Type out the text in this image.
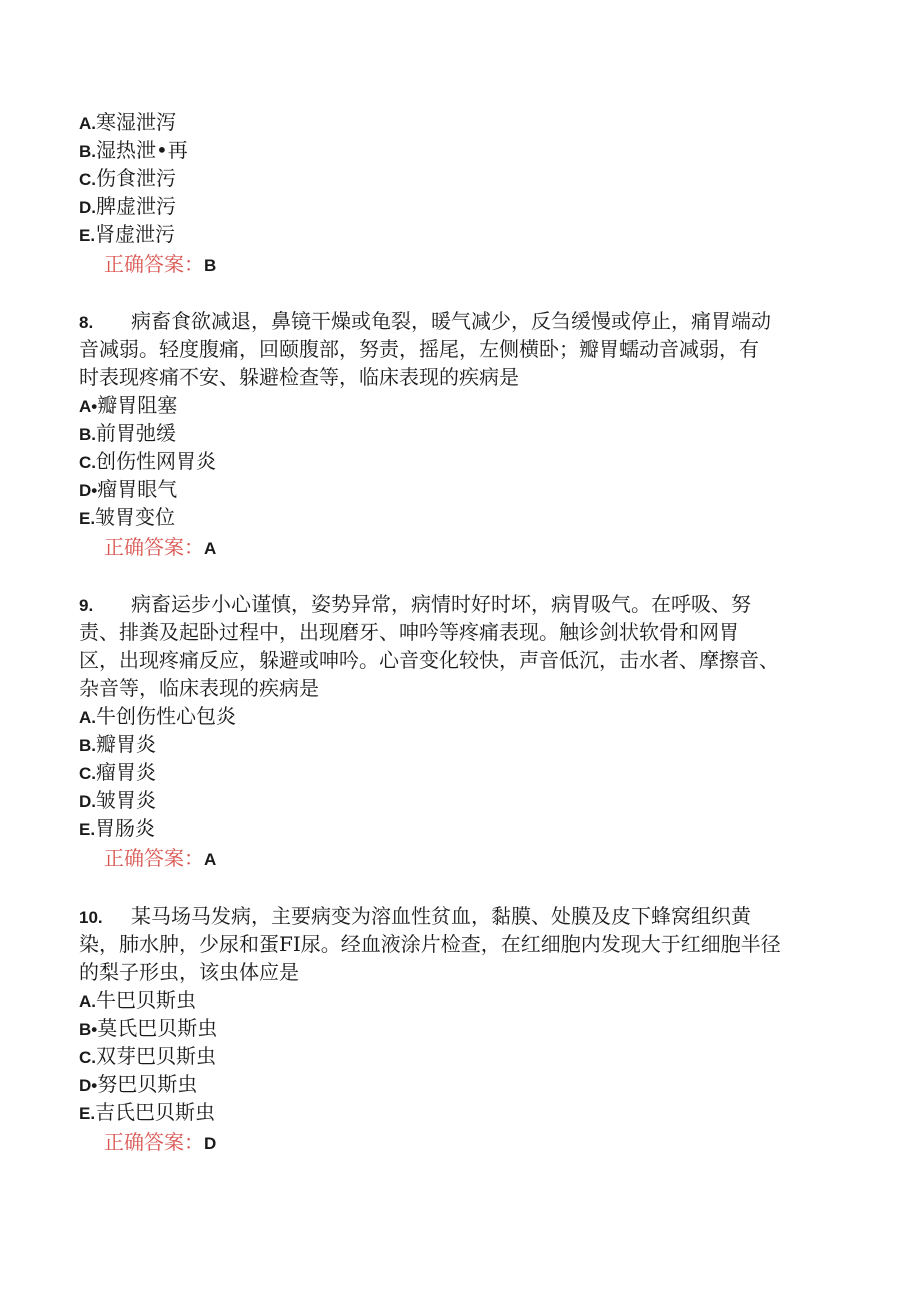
A.寒湿泄泻
B.湿热泄•再
C.伤食泄污
D.脾虚泄污
E.肾虚泄污
正确答案：B
8. 病畜食欲减退，鼻镜干燥或龟裂，暖气减少，反刍缓慢或停止，痛胃端动
音减弱。轻度腹痛，回颐腹部，努责，摇尾，左侧横卧；瓣胃蠕动音减弱，有
时表现疼痛不安、躲避检查等，临床表现的疾病是
A•瓣胃阻塞
B.前胃弛缓
C.创伤性网胃炎
D•瘤胃眼气
E.皱胃变位
正确答案：A
9. 病畜运步小心谨慎，姿势异常，病情时好时坏，病胃吸气。在呼吸、努
责、排粪及起卧过程中，出现磨牙、呻吟等疼痛表现。触诊剑状软骨和网胃
区，出现疼痛反应，躲避或呻吟。心音变化较快，声音低沉，击水者、摩擦音、
杂音等，临床表现的疾病是
A.牛创伤性心包炎
B.瓣胃炎
C.瘤胃炎
D.皱胃炎
E.胃肠炎
正确答案：A
10. 某马场马发病，主要病变为溶血性贫血，黏膜、处膜及皮下蜂窝组织黄
染，肺水肿，少尿和蛋FI尿。经血液涂片检查，在红细胞内发现大于红细胞半径
的梨子形虫，该虫体应是
A.牛巴贝斯虫
B•莫氏巴贝斯虫
C.双芽巴贝斯虫
D•努巴贝斯虫
E.吉氏巴贝斯虫
正确答案：D
